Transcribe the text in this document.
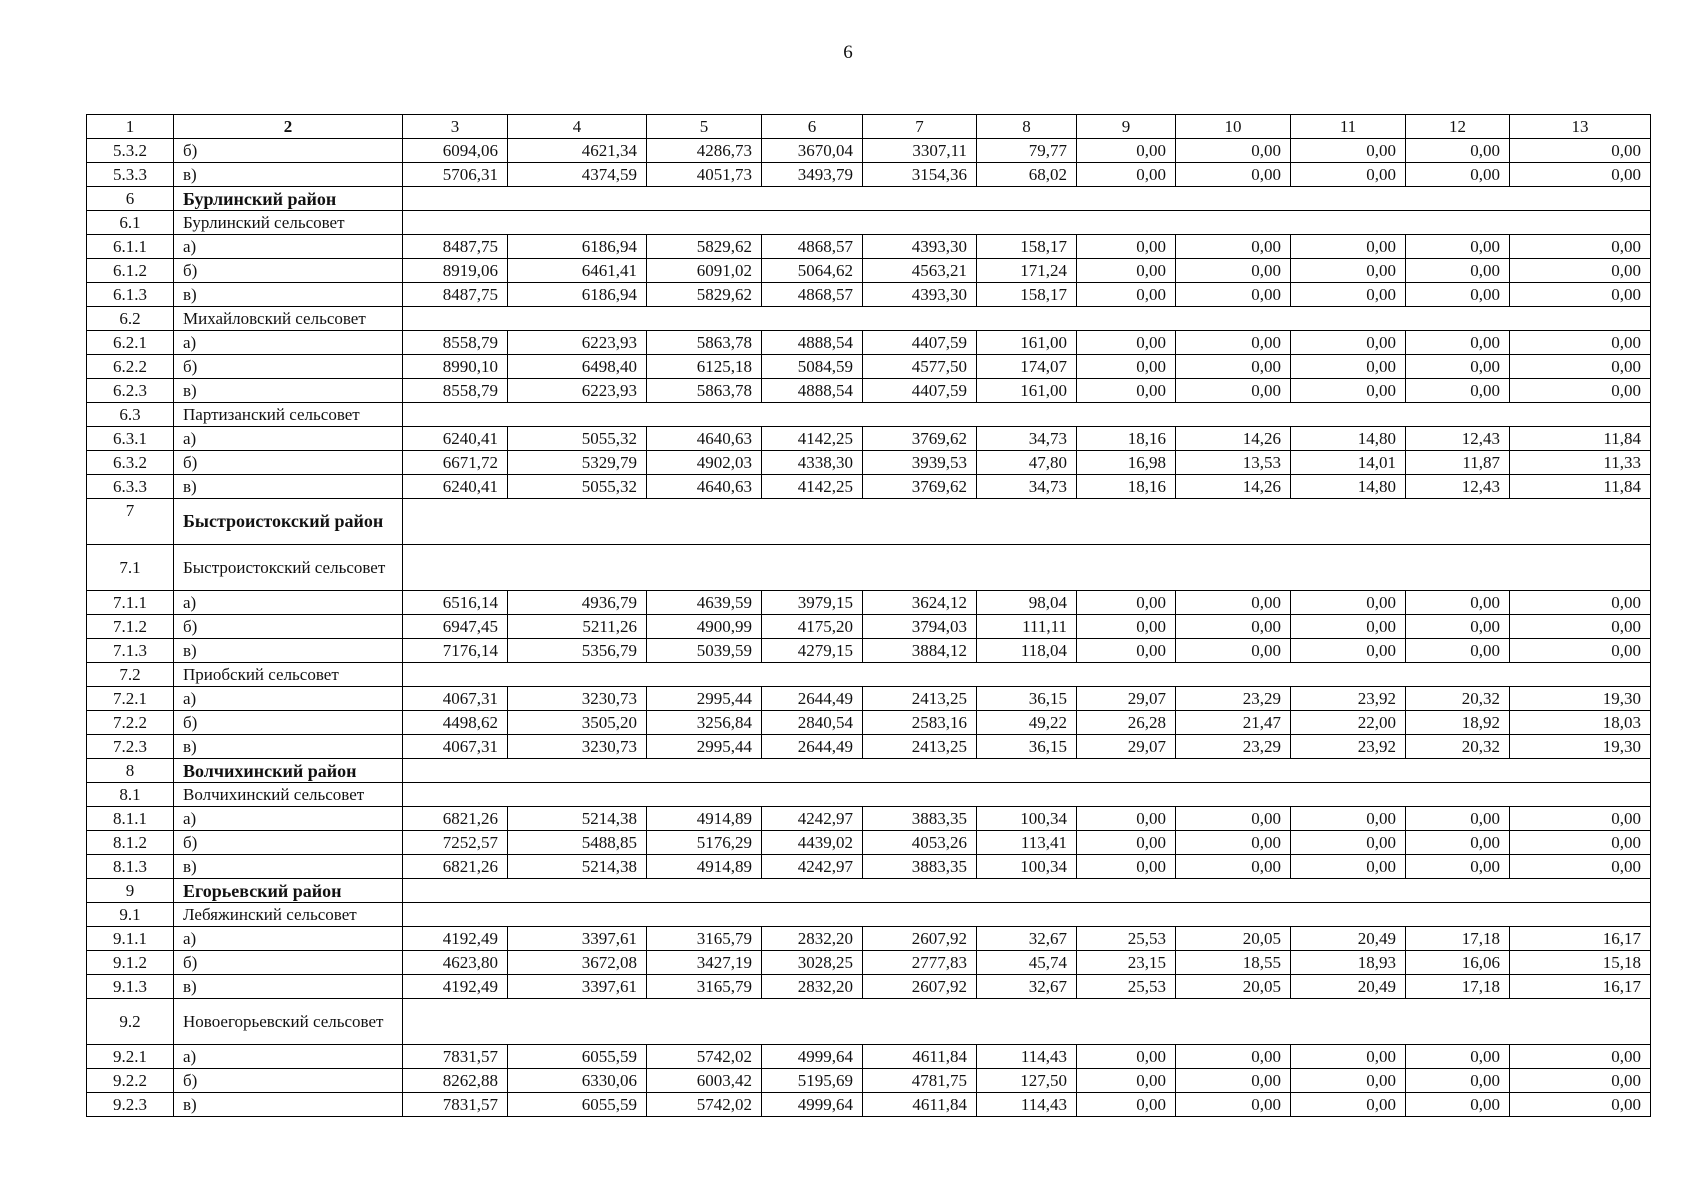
6
1	2	3	4	5	6	7	8	9	10	11	12	13
5.3.2	б)	6094,06	4621,34	4286,73	3670,04	3307,11	79,77	0,00	0,00	0,00	0,00	0,00
5.3.3	в)	5706,31	4374,59	4051,73	3493,79	3154,36	68,02	0,00	0,00	0,00	0,00	0,00
6	Бурлинский район											
6.1	Бурлинский сельсовет											
6.1.1	а)	8487,75	6186,94	5829,62	4868,57	4393,30	158,17	0,00	0,00	0,00	0,00	0,00
6.1.2	б)	8919,06	6461,41	6091,02	5064,62	4563,21	171,24	0,00	0,00	0,00	0,00	0,00
6.1.3	в)	8487,75	6186,94	5829,62	4868,57	4393,30	158,17	0,00	0,00	0,00	0,00	0,00
6.2	Михайловский сельсовет											
6.2.1	а)	8558,79	6223,93	5863,78	4888,54	4407,59	161,00	0,00	0,00	0,00	0,00	0,00
6.2.2	б)	8990,10	6498,40	6125,18	5084,59	4577,50	174,07	0,00	0,00	0,00	0,00	0,00
6.2.3	в)	8558,79	6223,93	5863,78	4888,54	4407,59	161,00	0,00	0,00	0,00	0,00	0,00
6.3	Партизанский сельсовет											
6.3.1	а)	6240,41	5055,32	4640,63	4142,25	3769,62	34,73	18,16	14,26	14,80	12,43	11,84
6.3.2	б)	6671,72	5329,79	4902,03	4338,30	3939,53	47,80	16,98	13,53	14,01	11,87	11,33
6.3.3	в)	6240,41	5055,32	4640,63	4142,25	3769,62	34,73	18,16	14,26	14,80	12,43	11,84
7	Быстроистокский район											
7.1	Быстроистокский сельсовет											
7.1.1	а)	6516,14	4936,79	4639,59	3979,15	3624,12	98,04	0,00	0,00	0,00	0,00	0,00
7.1.2	б)	6947,45	5211,26	4900,99	4175,20	3794,03	111,11	0,00	0,00	0,00	0,00	0,00
7.1.3	в)	7176,14	5356,79	5039,59	4279,15	3884,12	118,04	0,00	0,00	0,00	0,00	0,00
7.2	Приобский сельсовет											
7.2.1	а)	4067,31	3230,73	2995,44	2644,49	2413,25	36,15	29,07	23,29	23,92	20,32	19,30
7.2.2	б)	4498,62	3505,20	3256,84	2840,54	2583,16	49,22	26,28	21,47	22,00	18,92	18,03
7.2.3	в)	4067,31	3230,73	2995,44	2644,49	2413,25	36,15	29,07	23,29	23,92	20,32	19,30
8	Волчихинский район											
8.1	Волчихинский сельсовет											
8.1.1	а)	6821,26	5214,38	4914,89	4242,97	3883,35	100,34	0,00	0,00	0,00	0,00	0,00
8.1.2	б)	7252,57	5488,85	5176,29	4439,02	4053,26	113,41	0,00	0,00	0,00	0,00	0,00
8.1.3	в)	6821,26	5214,38	4914,89	4242,97	3883,35	100,34	0,00	0,00	0,00	0,00	0,00
9	Егорьевский район											
9.1	Лебяжинский сельсовет											
9.1.1	а)	4192,49	3397,61	3165,79	2832,20	2607,92	32,67	25,53	20,05	20,49	17,18	16,17
9.1.2	б)	4623,80	3672,08	3427,19	3028,25	2777,83	45,74	23,15	18,55	18,93	16,06	15,18
9.1.3	в)	4192,49	3397,61	3165,79	2832,20	2607,92	32,67	25,53	20,05	20,49	17,18	16,17
9.2	Новоегорьевский сельсовет											
9.2.1	а)	7831,57	6055,59	5742,02	4999,64	4611,84	114,43	0,00	0,00	0,00	0,00	0,00
9.2.2	б)	8262,88	6330,06	6003,42	5195,69	4781,75	127,50	0,00	0,00	0,00	0,00	0,00
9.2.3	в)	7831,57	6055,59	5742,02	4999,64	4611,84	114,43	0,00	0,00	0,00	0,00	0,00
